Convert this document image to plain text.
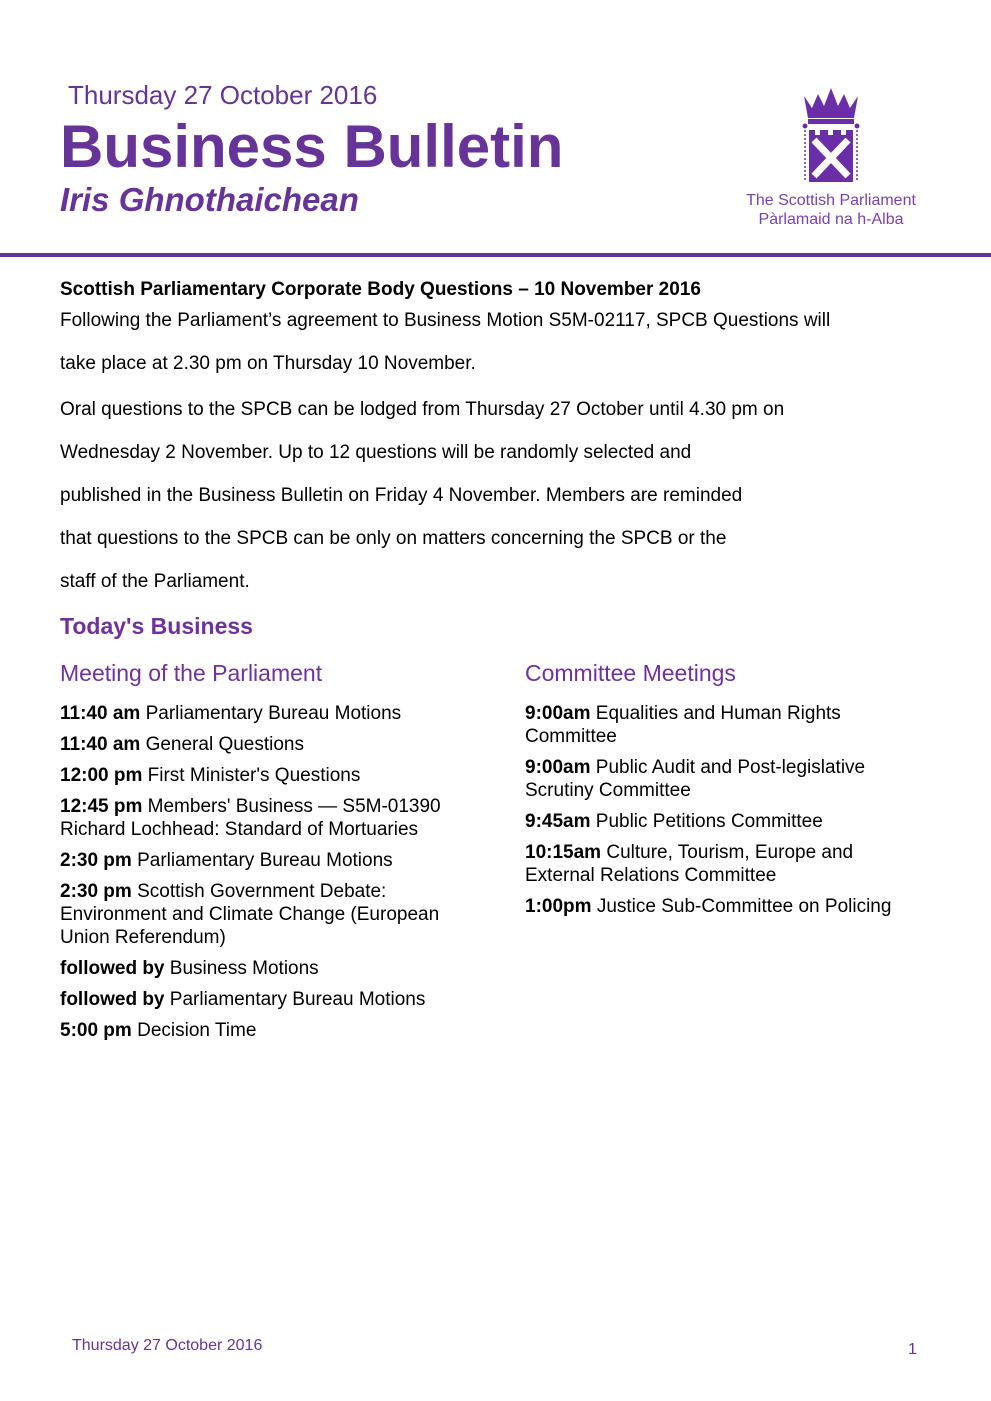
Thursday 27 October 2016
Business Bulletin
Iris Ghnothaichean	The Scottish Parliament
Pàrlamaid na h-Alba
Scottish Parliamentary Corporate Body Questions – 10 November 2016

Following the Parliament’s agreement to Business Motion S5M-02117, SPCB Questions will
take place at 2.30 pm on Thursday 10 November.

Oral questions to the SPCB can be lodged from Thursday 27 October until 4.30 pm on
Wednesday 2 November. Up to 12 questions will be randomly selected and
published in the Business Bulletin on Friday 4 November. Members are reminded
that questions to the SPCB can be only on matters concerning the SPCB or the
staff of the Parliament.

Today's Business
Meeting of the Parliament
11:40 am Parliamentary Bureau Motions
11:40 am General Questions
12:00 pm First Minister's Questions
12:45 pm Members' Business — S5M-01390 Richard Lochhead: Standard of Mortuaries
2:30 pm Parliamentary Bureau Motions
2:30 pm Scottish Government Debate: Environment and Climate Change (European Union Referendum)
followed by Business Motions
followed by Parliamentary Bureau Motions
5:00 pm Decision Time
Committee Meetings
9:00am Equalities and Human Rights Committee
9:00am Public Audit and Post-legislative Scrutiny Committee
9:45am Public Petitions Committee
10:15am Culture, Tourism, Europe and External Relations Committee
1:00pm Justice Sub-Committee on Policing
Thursday 27 October 2016	1
